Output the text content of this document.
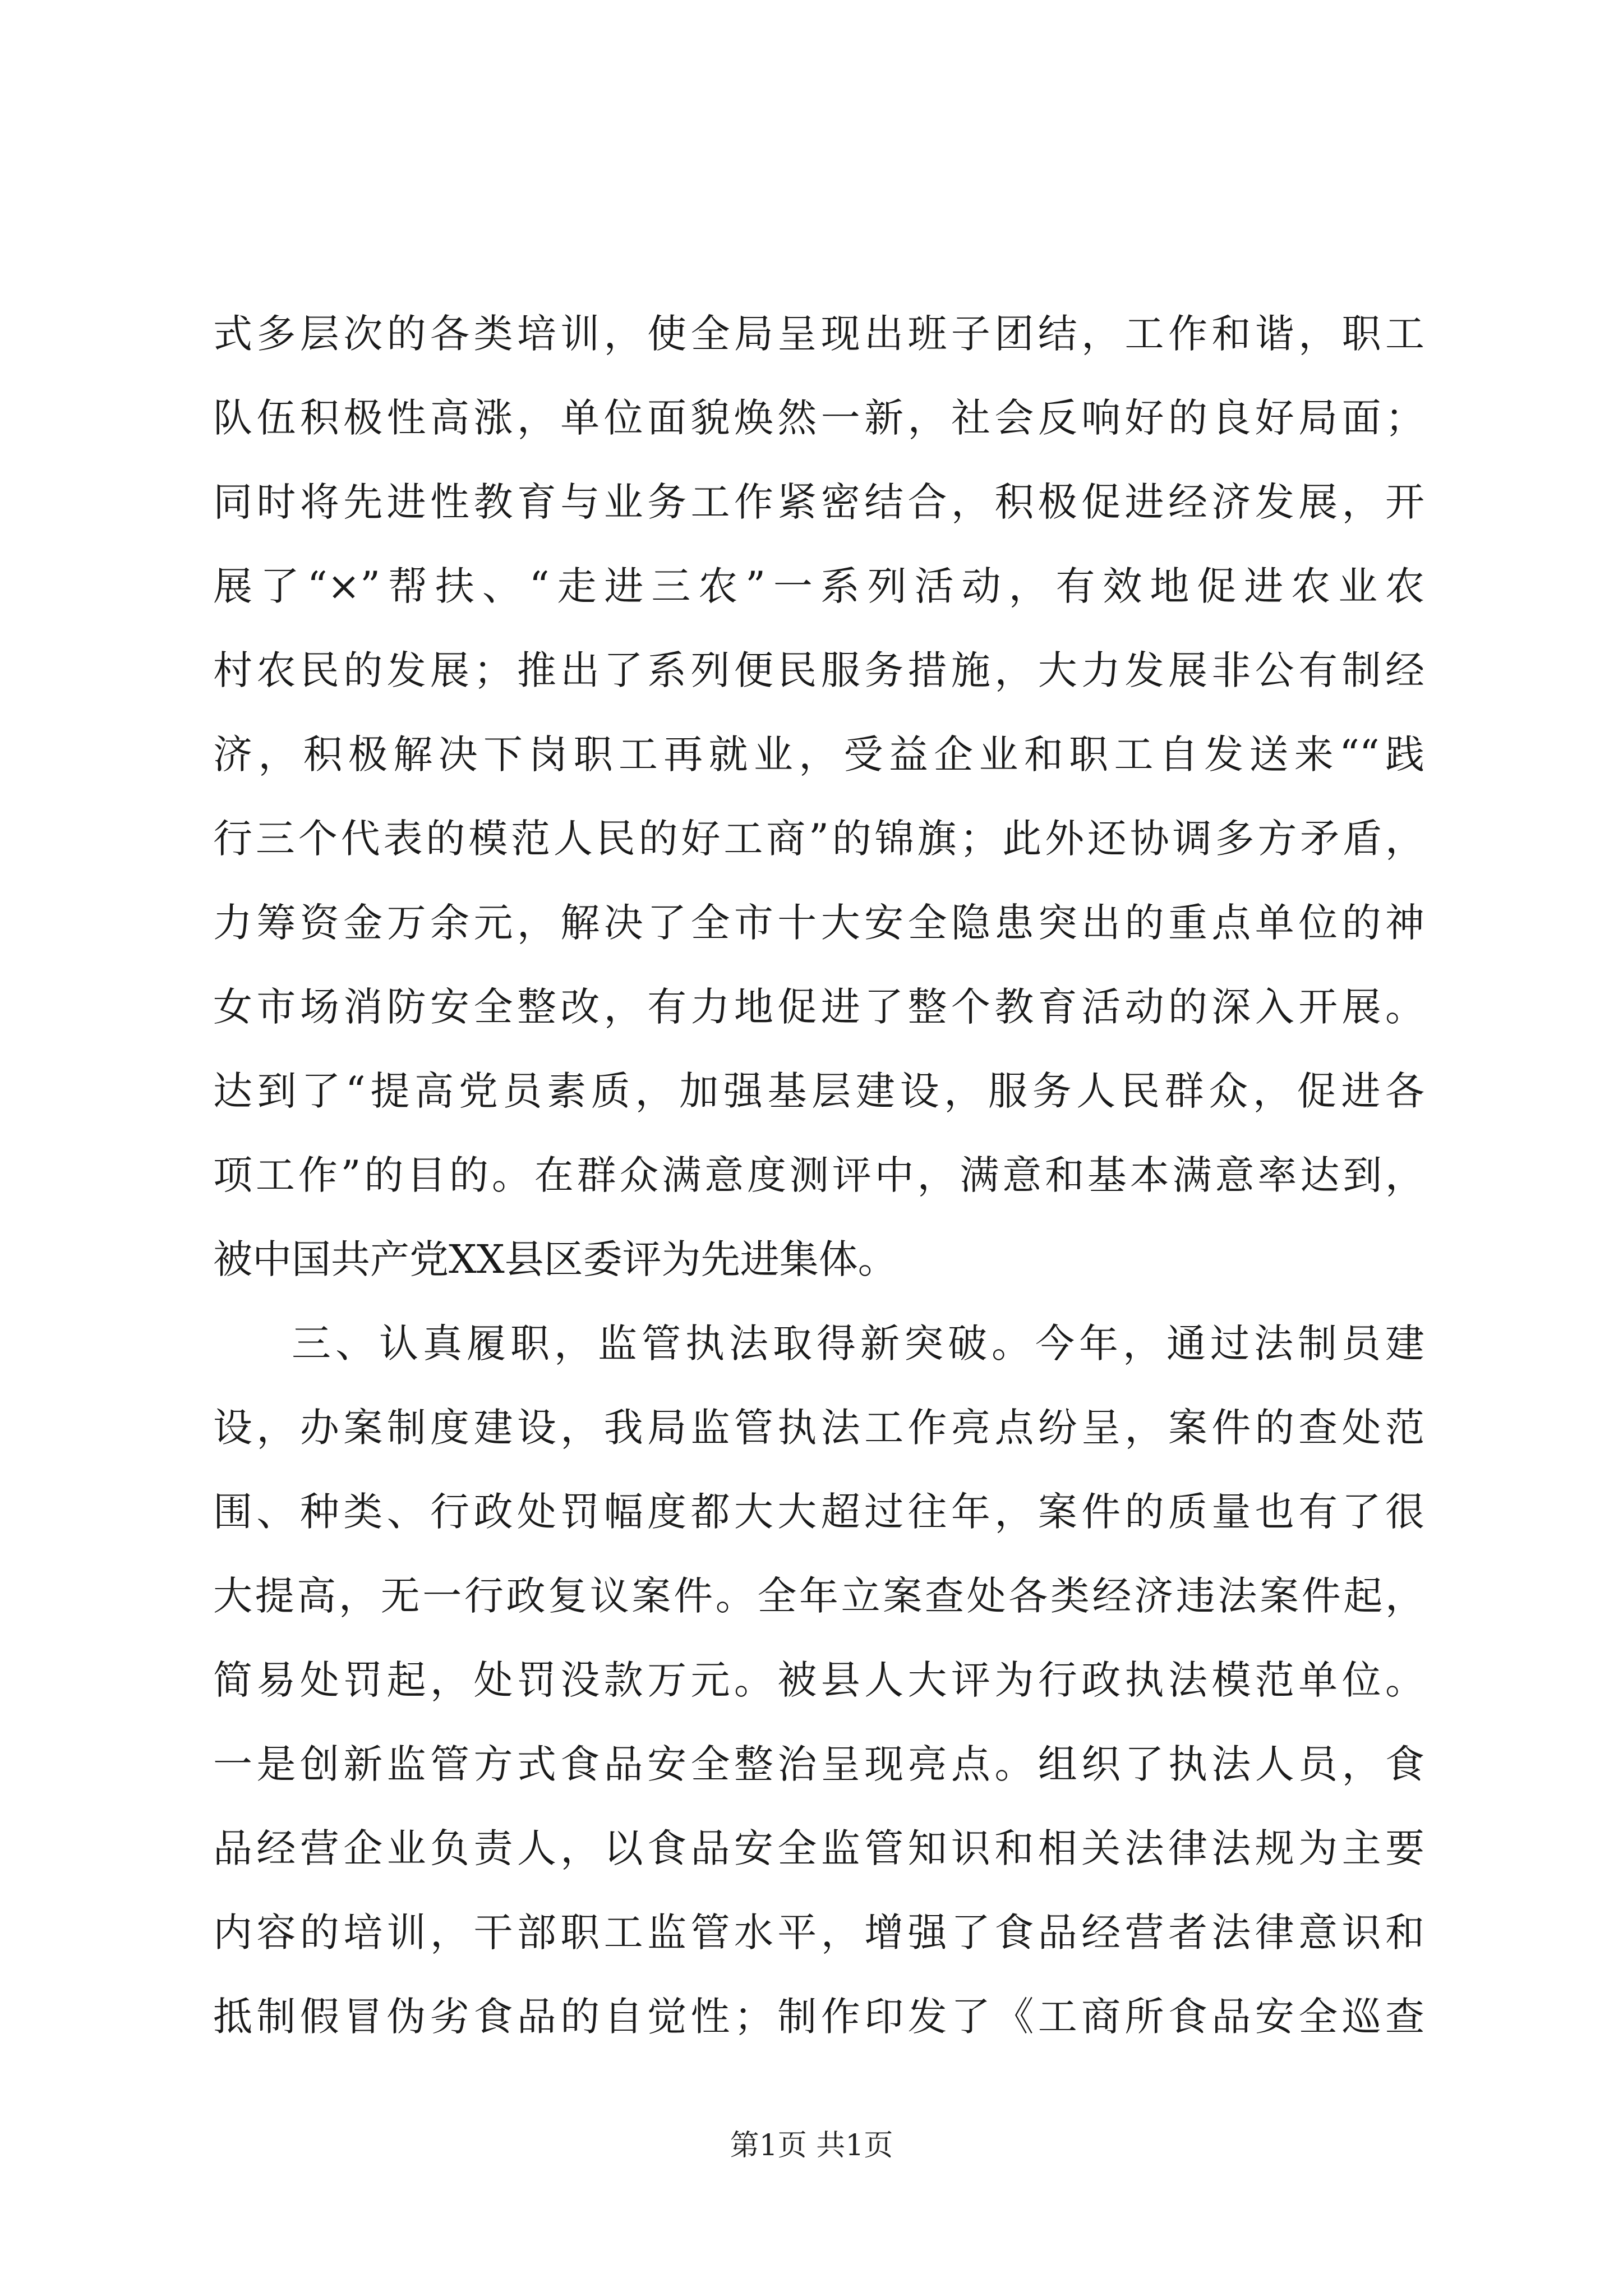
式多层次的各类培训，使全局呈现出班子团结，工作和谐，职工
队伍积极性高涨，单位面貌焕然一新，社会反响好的良好局面；
同时将先进性教育与业务工作紧密结合，积极促进经济发展，开
展了“×”帮扶、“走进三农”一系列活动，有效地促进农业农
村农民的发展；推出了系列便民服务措施，大力发展非公有制经
济，积极解决下岗职工再就业，受益企业和职工自发送来““践
行三个代表的模范人民的好工商”的锦旗；此外还协调多方矛盾，
力筹资金万余元，解决了全市十大安全隐患突出的重点单位的神
女市场消防安全整改，有力地促进了整个教育活动的深入开展。
达到了“提高党员素质，加强基层建设，服务人民群众，促进各
项工作”的目的。在群众满意度测评中，满意和基本满意率达到，
被中国共产党XX县区委评为先进集体。
三、认真履职，监管执法取得新突破。今年，通过法制员建
设，办案制度建设，我局监管执法工作亮点纷呈，案件的查处范
围、种类、行政处罚幅度都大大超过往年，案件的质量也有了很
大提高，无一行政复议案件。全年立案查处各类经济违法案件起，
简易处罚起，处罚没款万元。被县人大评为行政执法模范单位。
一是创新监管方式食品安全整治呈现亮点。组织了执法人员，食
品经营企业负责人，以食品安全监管知识和相关法律法规为主要
内容的培训，干部职工监管水平，增强了食品经营者法律意识和
抵制假冒伪劣食品的自觉性；制作印发了《工商所食品安全巡查
第1页 共1页
